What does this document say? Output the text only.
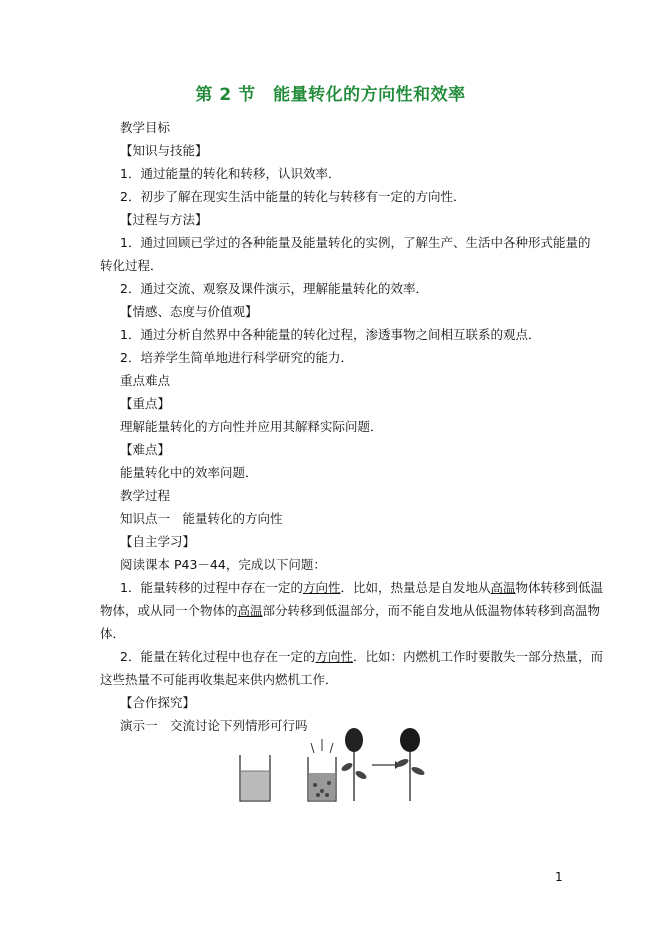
第 2 节　能量转化的方向性和效率
教学目标
【知识与技能】
1．通过能量的转化和转移，认识效率．
2．初步了解在现实生活中能量的转化与转移有一定的方向性．
【过程与方法】
1．通过回顾已学过的各种能量及能量转化的实例，了解生产、生活中各种形式能量的
转化过程．
2．通过交流、观察及课件演示，理解能量转化的效率．
【情感、态度与价值观】
1．通过分析自然界中各种能量的转化过程，渗透事物之间相互联系的观点．
2．培养学生简单地进行科学研究的能力．
重点难点
【重点】
理解能量转化的方向性并应用其解释实际问题．
【难点】
能量转化中的效率问题．
教学过程
知识点一　能量转化的方向性
【自主学习】
阅读课本 P43－44，完成以下问题：
1．能量转移的过程中存在一定的方向性．比如，热量总是自发地从高温物体转移到低温
物体，或从同一个物体的高温部分转移到低温部分，而不能自发地从低温物体转移到高温物
体．
2．能量在转化过程中也存在一定的方向性．比如：内燃机工作时要散失一部分热量，而
这些热量不可能再收集起来供内燃机工作．
【合作探究】
演示一　交流讨论下列情形可行吗
1
